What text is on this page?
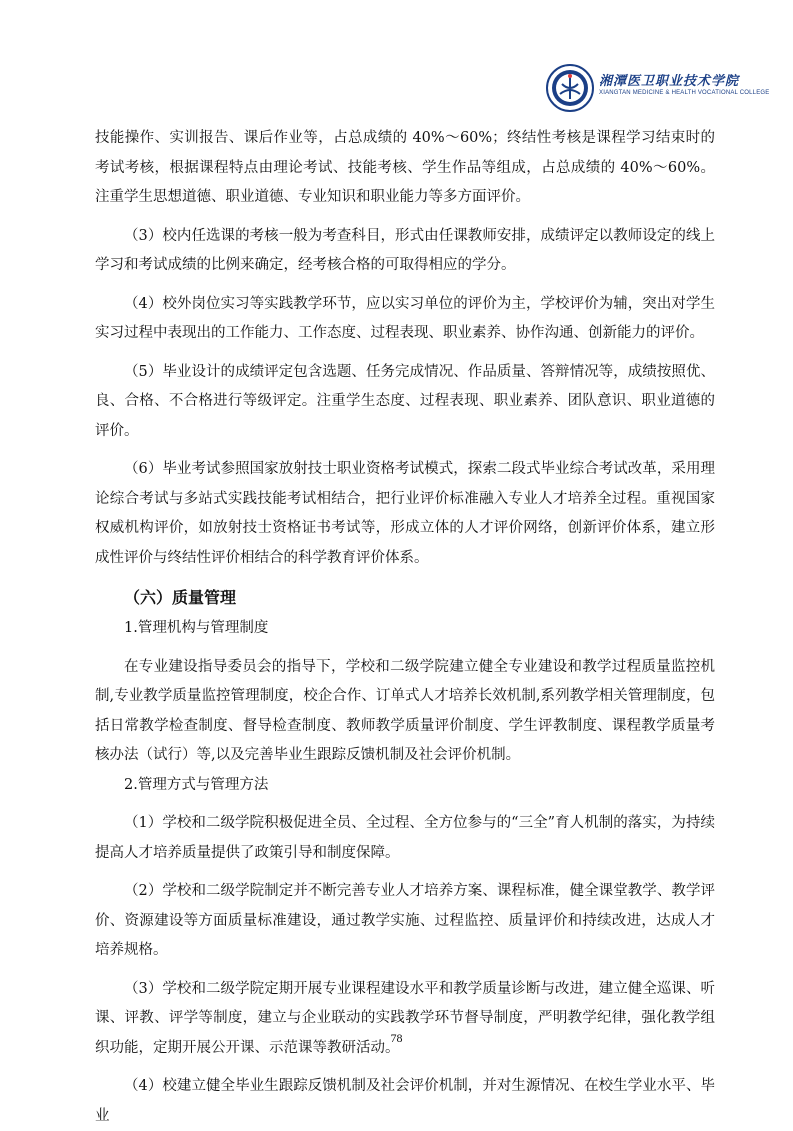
湘潭医卫职业技术学院
XIANGTAN MEDICINE & HEALTH VOCATIONAL COLLEGE

技能操作、实训报告、课后作业等，占总成绩的 40%～60%；终结性考核是课程学习结束时的考试考核，根据课程特点由理论考试、技能考核、学生作品等组成，占总成绩的 40%～60%。注重学生思想道德、职业道德、专业知识和职业能力等多方面评价。

（3）校内任选课的考核一般为考查科目，形式由任课教师安排，成绩评定以教师设定的线上学习和考试成绩的比例来确定，经考核合格的可取得相应的学分。

（4）校外岗位实习等实践教学环节，应以实习单位的评价为主，学校评价为辅，突出对学生实习过程中表现出的工作能力、工作态度、过程表现、职业素养、协作沟通、创新能力的评价。

（5）毕业设计的成绩评定包含选题、任务完成情况、作品质量、答辩情况等，成绩按照优、良、合格、不合格进行等级评定。注重学生态度、过程表现、职业素养、团队意识、职业道德的评价。

（6）毕业考试参照国家放射技士职业资格考试模式，探索二段式毕业综合考试改革，采用理论综合考试与多站式实践技能考试相结合，把行业评价标准融入专业人才培养全过程。重视国家权威机构评价，如放射技士资格证书考试等，形成立体的人才评价网络，创新评价体系，建立形成性评价与终结性评价相结合的科学教育评价体系。

（六）质量管理

1.管理机构与管理制度

在专业建设指导委员会的指导下，学校和二级学院建立健全专业建设和教学过程质量监控机制,专业教学质量监控管理制度，校企合作、订单式人才培养长效机制,系列教学相关管理制度，包括日常教学检查制度、督导检查制度、教师教学质量评价制度、学生评教制度、课程教学质量考核办法（试行）等,以及完善毕业生跟踪反馈机制及社会评价机制。

2.管理方式与管理方法

（1）学校和二级学院积极促进全员、全过程、全方位参与的“三全”育人机制的落实，为持续提高人才培养质量提供了政策引导和制度保障。

（2）学校和二级学院制定并不断完善专业人才培养方案、课程标准，健全课堂教学、教学评价、资源建设等方面质量标准建设，通过教学实施、过程监控、质量评价和持续改进，达成人才培养规格。

（3）学校和二级学院定期开展专业课程建设水平和教学质量诊断与改进，建立健全巡课、听课、评教、评学等制度，建立与企业联动的实践教学环节督导制度，严明教学纪律，强化教学组织功能，定期开展公开课、示范课等教研活动。

（4）校建立健全毕业生跟踪反馈机制及社会评价机制，并对生源情况、在校生学业水平、毕业

78
